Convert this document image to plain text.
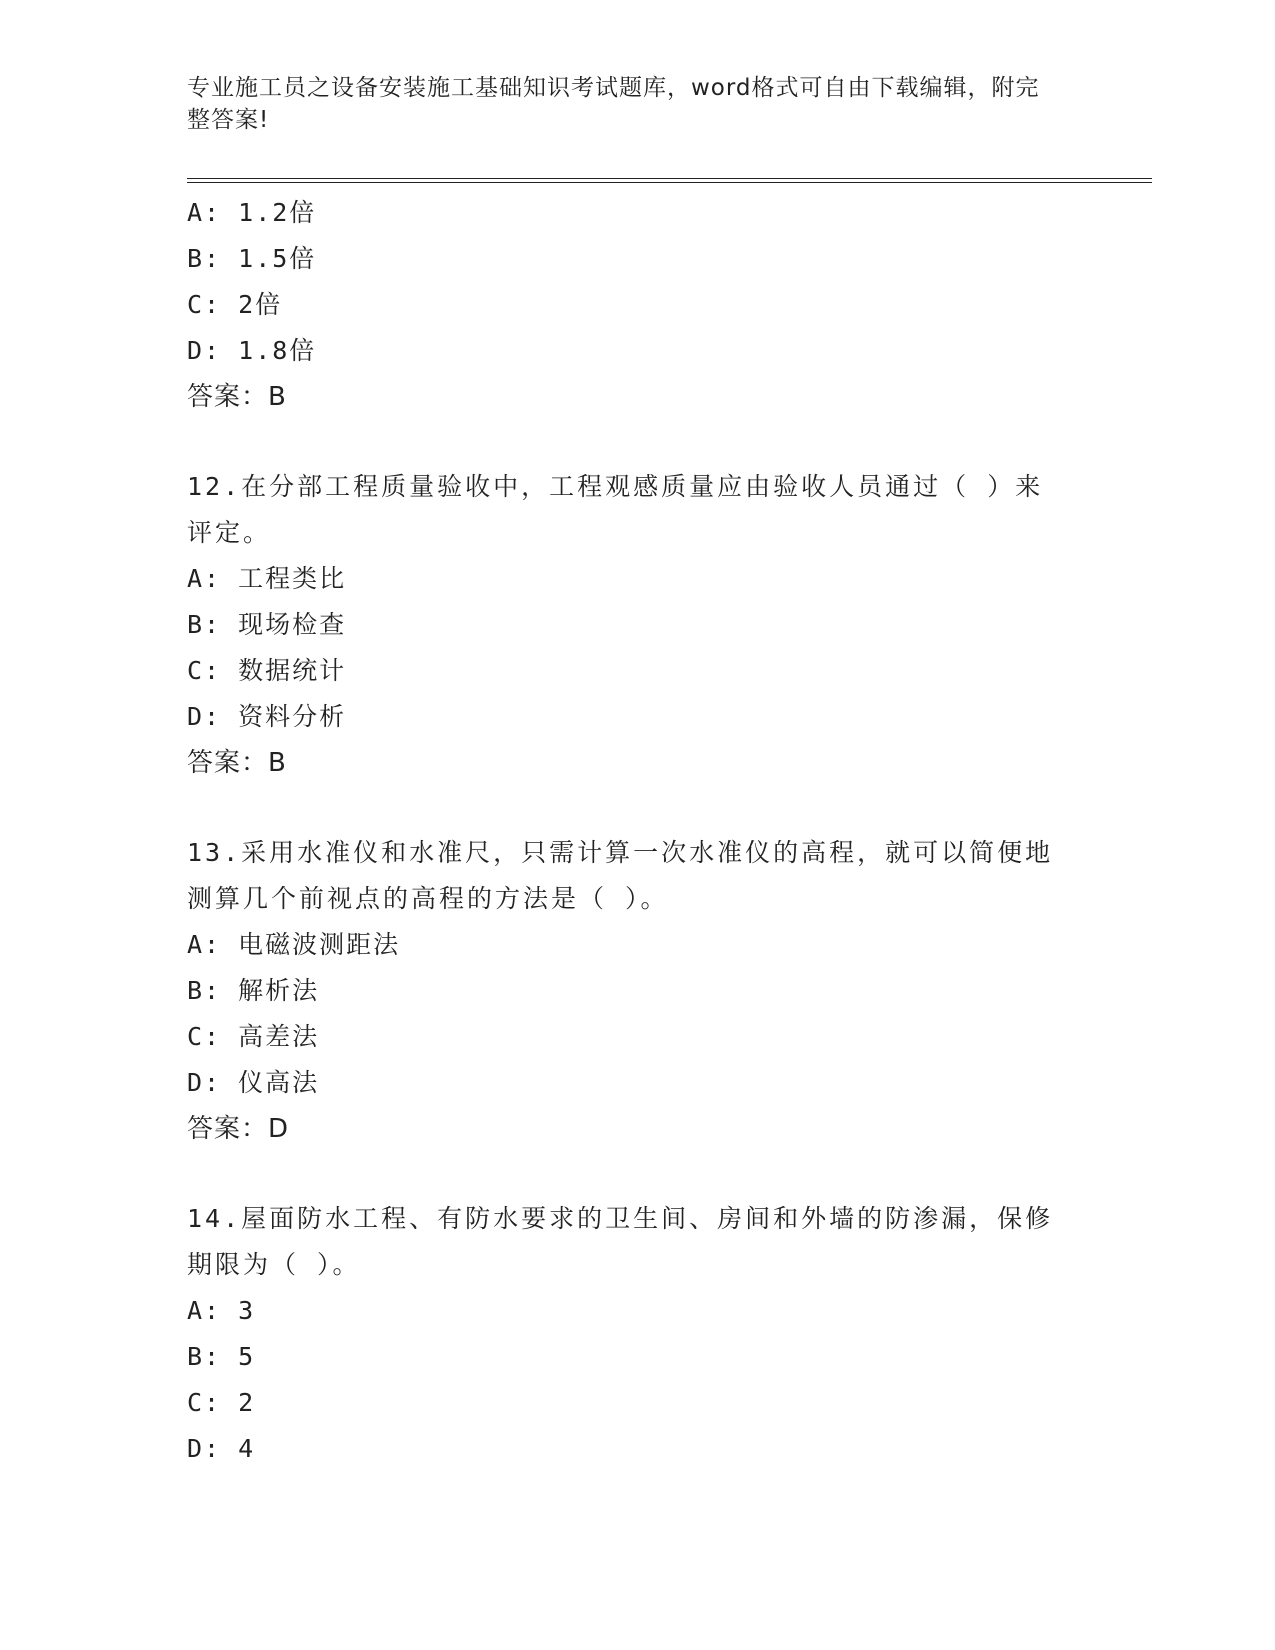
专业施工员之设备安装施工基础知识考试题库，word格式可自由下载编辑，附完
整答案!
A: 1.2倍
B: 1.5倍
C: 2倍
D: 1.8倍
答案：B
12.在分部工程质量验收中，工程观感质量应由验收人员通过（ ）来
评定。
A: 工程类比
B: 现场检查
C: 数据统计
D: 资料分析
答案：B
13.采用水准仪和水准尺，只需计算一次水准仪的高程，就可以简便地
测算几个前视点的高程的方法是（ ）。
A: 电磁波测距法
B: 解析法
C: 高差法
D: 仪高法
答案：D
14.屋面防水工程、有防水要求的卫生间、房间和外墙的防渗漏，保修
期限为（ ）。
A: 3
B: 5
C: 2
D: 4
